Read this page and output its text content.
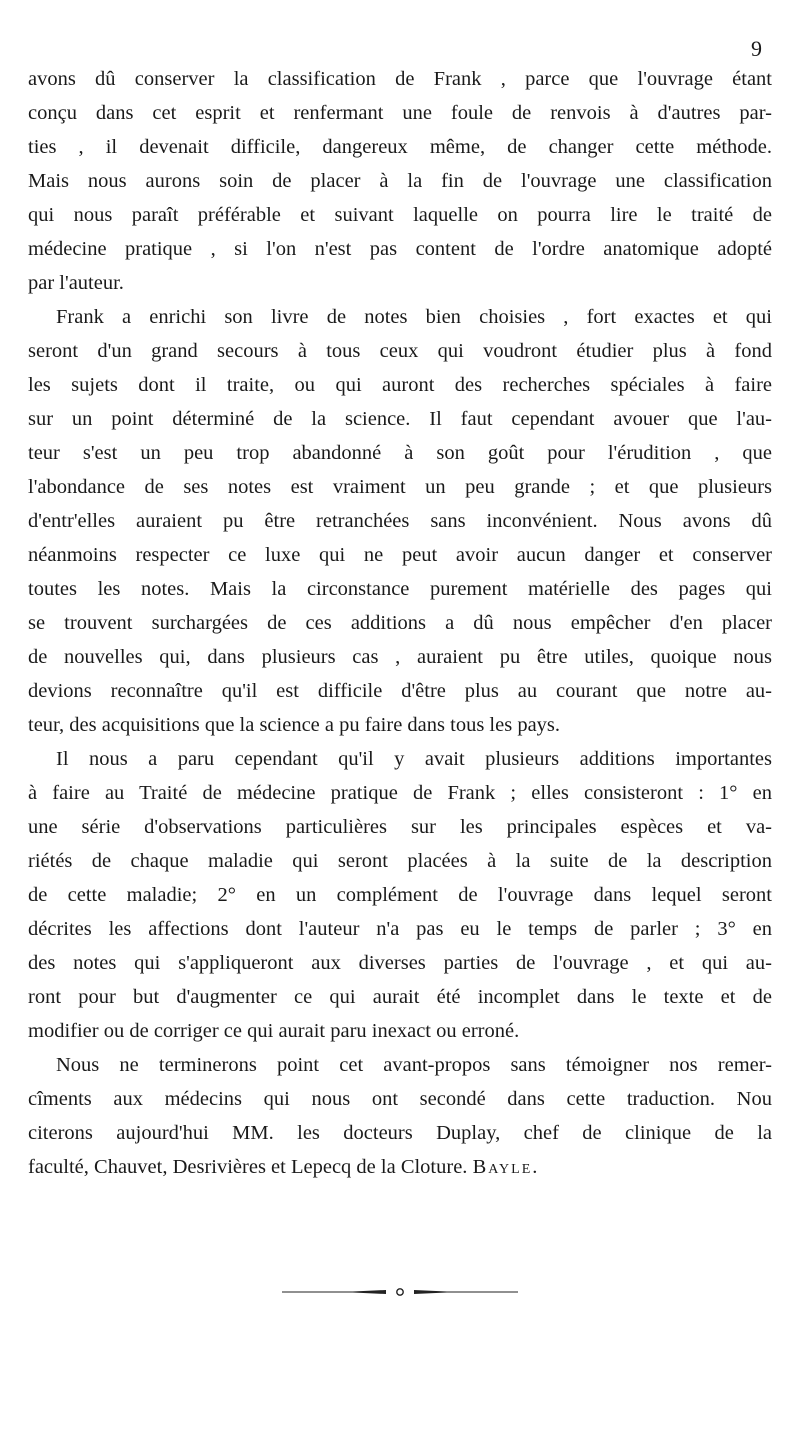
9

avons dû conserver la classification de Frank , parce que l'ouvrage étant
conçu dans cet esprit et renfermant une foule de renvois à d'autres par-
ties , il devenait difficile, dangereux même, de changer cette méthode.
Mais nous aurons soin de placer à la fin de l'ouvrage une classification
qui nous paraît préférable et suivant laquelle on pourra lire le traité de
médecine pratique , si l'on n'est pas content de l'ordre anatomique adopté
par l'auteur.

Frank a enrichi son livre de notes bien choisies , fort exactes et qui
seront d'un grand secours à tous ceux qui voudront étudier plus à fond
les sujets dont il traite, ou qui auront des recherches spéciales à faire
sur un point déterminé de la science. Il faut cependant avouer que l'au-
teur s'est un peu trop abandonné à son goût pour l'érudition , que
l'abondance de ses notes est vraiment un peu grande ; et que plusieurs
d'entr'elles auraient pu être retranchées sans inconvénient. Nous avons dû
néanmoins respecter ce luxe qui ne peut avoir aucun danger et conserver
toutes les notes. Mais la circonstance purement matérielle des pages qui
se trouvent surchargées de ces additions a dû nous empêcher d'en placer
de nouvelles qui, dans plusieurs cas , auraient pu être utiles, quoique nous
devions reconnaître qu'il est difficile d'être plus au courant que notre au-
teur, des acquisitions que la science a pu faire dans tous les pays.

Il nous a paru cependant qu'il y avait plusieurs additions importantes
à faire au Traité de médecine pratique de Frank ; elles consisteront : 1° en
une série d'observations particulières sur les principales espèces et va-
riétés de chaque maladie qui seront placées à la suite de la description
de cette maladie; 2° en un complément de l'ouvrage dans lequel seront
décrites les affections dont l'auteur n'a pas eu le temps de parler ; 3° en
des notes qui s'appliqueront aux diverses parties de l'ouvrage , et qui au-
ront pour but d'augmenter ce qui aurait été incomplet dans le texte et de
modifier ou de corriger ce qui aurait paru inexact ou erroné.

Nous ne terminerons point cet avant-propos sans témoigner nos remer-
cîments aux médecins qui nous ont secondé dans cette traduction. Nou
citerons aujourd'hui MM. les docteurs Duplay, chef de clinique de la
faculté, Chauvet, Desrivières et Lepecq de la Cloture. Bayle.
